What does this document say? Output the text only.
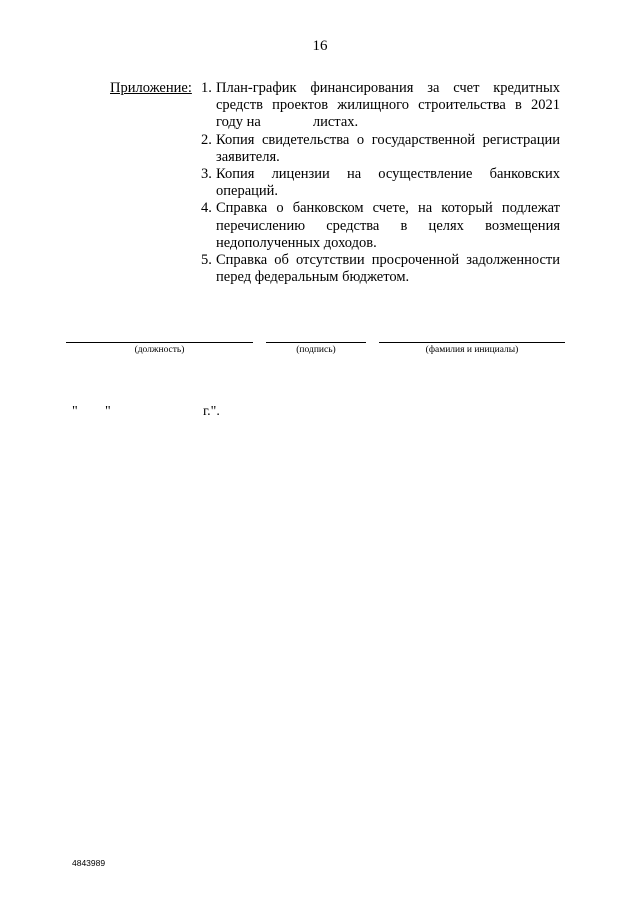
16
Приложение: 1. План-график финансирования за счет кредитных средств проектов жилищного строительства в 2021 году на	листах.
2. Копия свидетельства о государственной регистрации заявителя.
3. Копия лицензии на осуществление банковских операций.
4. Справка о банковском счете, на который подлежат перечислению средства в целях возмещения недополученных доходов.
5. Справка об отсутствии просроченной задолженности перед федеральным бюджетом.
(должность)	(подпись)	(фамилия и инициалы)
" "	г.".
4843989
